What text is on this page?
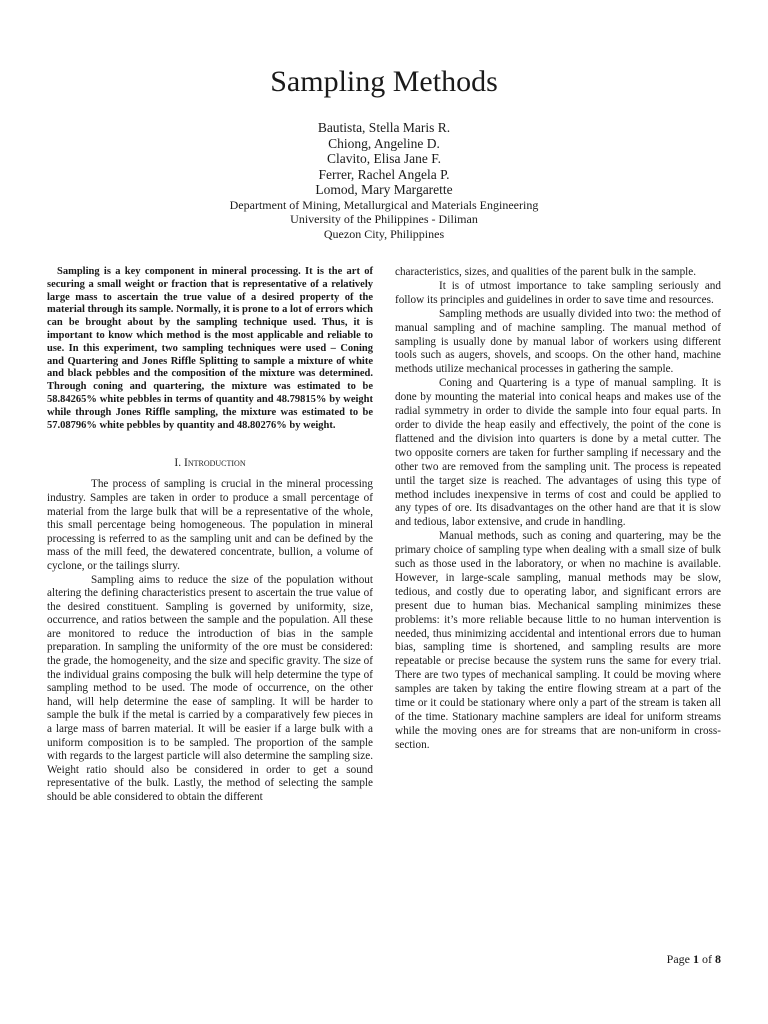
Sampling Methods
Bautista, Stella Maris R.
Chiong, Angeline D.
Clavito, Elisa Jane F.
Ferrer, Rachel Angela P.
Lomod, Mary Margarette
Department of Mining, Metallurgical and Materials Engineering
University of the Philippines - Diliman
Quezon City, Philippines

Sampling is a key component in mineral processing. It is the art of securing a small weight or fraction that is representative of a relatively large mass to ascertain the true value of a desired property of the material through its sample. Normally, it is prone to a lot of errors which can be brought about by the sampling technique used. Thus, it is important to know which method is the most applicable and reliable to use. In this experiment, two sampling techniques were used – Coning and Quartering and Jones Riffle Splitting to sample a mixture of white and black pebbles and the composition of the mixture was determined. Through coning and quartering, the mixture was estimated to be 58.84265% white pebbles in terms of quantity and 48.79815% by weight while through Jones Riffle sampling, the mixture was estimated to be 57.08796% white pebbles by quantity and 48.80276% by weight.

I. Introduction

The process of sampling is crucial in the mineral processing industry. Samples are taken in order to produce a small percentage of material from the large bulk that will be a representative of the whole, this small percentage being homogeneous. The population in mineral processing is referred to as the sampling unit and can be defined by the mass of the mill feed, the dewatered concentrate, bullion, a volume of cyclone, or the tailings slurry.

Sampling aims to reduce the size of the population without altering the defining characteristics present to ascertain the true value of the desired constituent. Sampling is governed by uniformity, size, occurrence, and ratios between the sample and the population. All these are monitored to reduce the introduction of bias in the sample preparation. In sampling the uniformity of the ore must be considered: the grade, the homogeneity, and the size and specific gravity. The size of the individual grains composing the bulk will help determine the type of sampling method to be used. The mode of occurrence, on the other hand, will help determine the ease of sampling. It will be harder to sample the bulk if the metal is carried by a comparatively few pieces in a large mass of barren material. It will be easier if a large bulk with a uniform composition is to be sampled. The proportion of the sample with regards to the largest particle will also determine the sampling size. Weight ratio should also be considered in order to get a sound representative of the bulk. Lastly, the method of selecting the sample should be able considered to obtain the different

characteristics, sizes, and qualities of the parent bulk in the sample.

It is of utmost importance to take sampling seriously and follow its principles and guidelines in order to save time and resources.

Sampling methods are usually divided into two: the method of manual sampling and of machine sampling. The manual method of sampling is usually done by manual labor of workers using different tools such as augers, shovels, and scoops. On the other hand, machine methods utilize mechanical processes in gathering the sample.

Coning and Quartering is a type of manual sampling. It is done by mounting the material into conical heaps and makes use of the radial symmetry in order to divide the sample into four equal parts. In order to divide the heap easily and effectively, the point of the cone is flattened and the division into quarters is done by a metal cutter. The two opposite corners are taken for further sampling if necessary and the other two are removed from the sampling unit. The process is repeated until the target size is reached. The advantages of using this type of method includes inexpensive in terms of cost and could be applied to any types of ore. Its disadvantages on the other hand are that it is slow and tedious, labor extensive, and crude in handling.

Manual methods, such as coning and quartering, may be the primary choice of sampling type when dealing with a small size of bulk such as those used in the laboratory, or when no machine is available. However, in large-scale sampling, manual methods may be slow, tedious, and costly due to operating labor, and significant errors are present due to human bias. Mechanical sampling minimizes these problems: it’s more reliable because little to no human intervention is needed, thus minimizing accidental and intentional errors due to human bias, sampling time is shortened, and sampling results are more repeatable or precise because the system runs the same for every trial. There are two types of mechanical sampling. It could be moving where samples are taken by taking the entire flowing stream at a part of the time or it could be stationary where only a part of the stream is taken all of the time. Stationary machine samplers are ideal for uniform streams while the moving ones are for streams that are non-uniform in cross-section.

Page 1 of 8
